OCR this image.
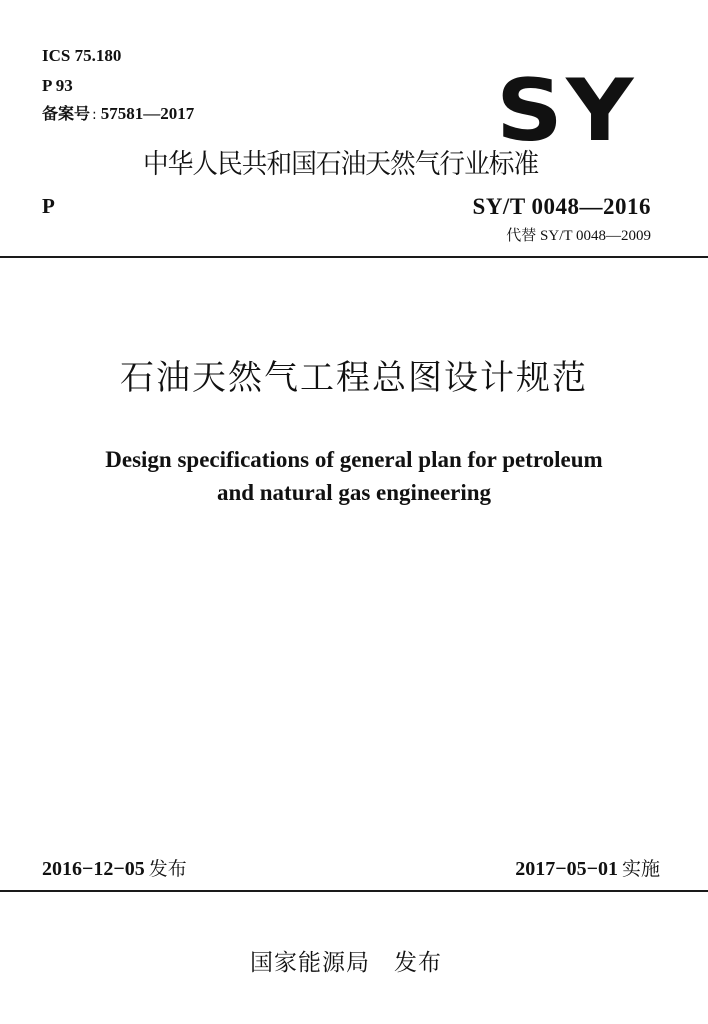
ICS 75.180
P 93
备案号 : 57581—2017	SY
中华人民共和国石油天然气行业标准
P	SY/T 0048—2016
代替 SY/T 0048—2009
石油天然气工程总图设计规范
Design specifications of general plan for petroleum
and natural gas engineering
2016−12−05 发布	2017−05−01 实施
国家能源局 发布
